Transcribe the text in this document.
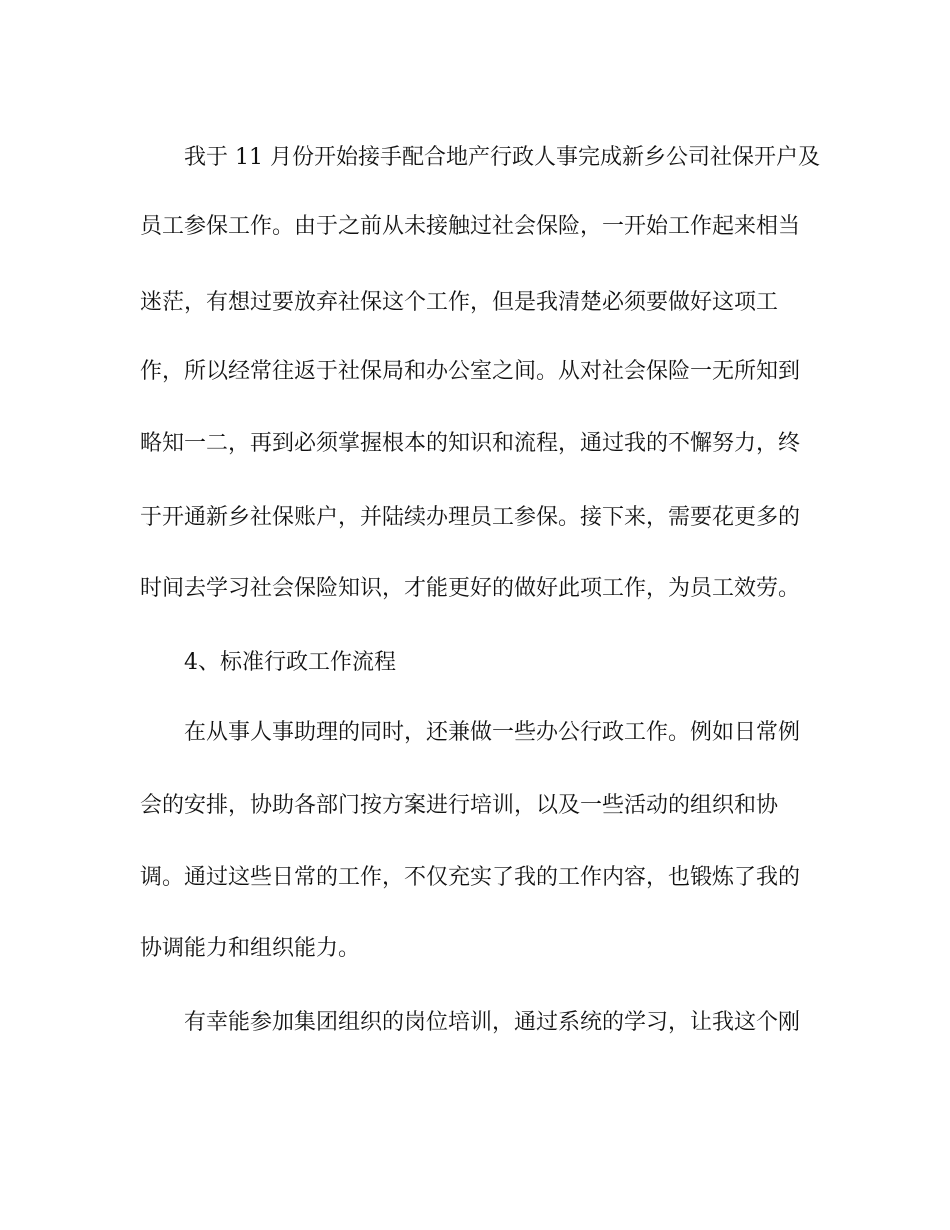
我于 11 月份开始接手配合地产行政人事完成新乡公司社保开户及
员工参保工作。由于之前从未接触过社会保险，一开始工作起来相当
迷茫，有想过要放弃社保这个工作，但是我清楚必须要做好这项工
作，所以经常往返于社保局和办公室之间。从对社会保险一无所知到
略知一二，再到必须掌握根本的知识和流程，通过我的不懈努力，终
于开通新乡社保账户，并陆续办理员工参保。接下来，需要花更多的
时间去学习社会保险知识，才能更好的做好此项工作，为员工效劳。
4、标准行政工作流程
在从事人事助理的同时，还兼做一些办公行政工作。例如日常例
会的安排，协助各部门按方案进行培训，以及一些活动的组织和协
调。通过这些日常的工作，不仅充实了我的工作内容，也锻炼了我的
协调能力和组织能力。
有幸能参加集团组织的岗位培训，通过系统的学习，让我这个刚
